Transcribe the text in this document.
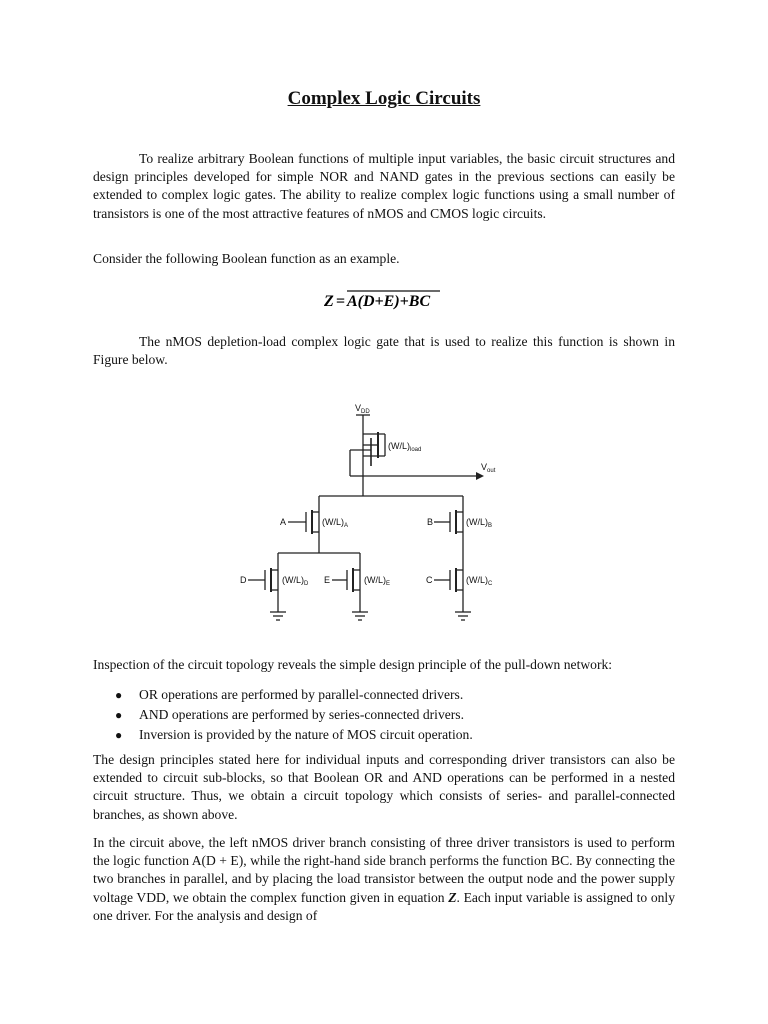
Complex Logic Circuits

To realize arbitrary Boolean functions of multiple input variables, the basic circuit structures and design principles developed for simple NOR and NAND gates in the previous sections can easily be extended to complex logic gates. The ability to realize complex logic functions using a small number of transistors is one of the most attractive features of nMOS and CMOS logic circuits.

Consider the following Boolean function as an example.

Z = A(D+E)+BC

The nMOS depletion-load complex logic gate that is used to realize this function is shown in Figure below.

$V_{DD}$
$(W/L)_{load}$
$V_{out}$
A	B
D	E	C
$(W/L)_A$	$(W/L)_B$
$(W/L)_D$	$(W/L)_E$	$(W/L)_C$

Inspection of the circuit topology reveals the simple design principle of the pull-down network:

● OR operations are performed by parallel-connected drivers.
● AND operations are performed by series-connected drivers.
● Inversion is provided by the nature of MOS circuit operation.

The design principles stated here for individual inputs and corresponding driver transistors can also be extended to circuit sub-blocks, so that Boolean OR and AND operations can be performed in a nested circuit structure. Thus, we obtain a circuit topology which consists of series- and parallel-connected branches, as shown above.

In the circuit above, the left nMOS driver branch consisting of three driver transistors is used to perform the logic function A(D + E), while the right-hand side branch performs the function BC. By connecting the two branches in parallel, and by placing the load transistor between the output node and the power supply voltage VDD, we obtain the complex function given in equation Z. Each input variable is assigned to only one driver. For the analysis and design of
